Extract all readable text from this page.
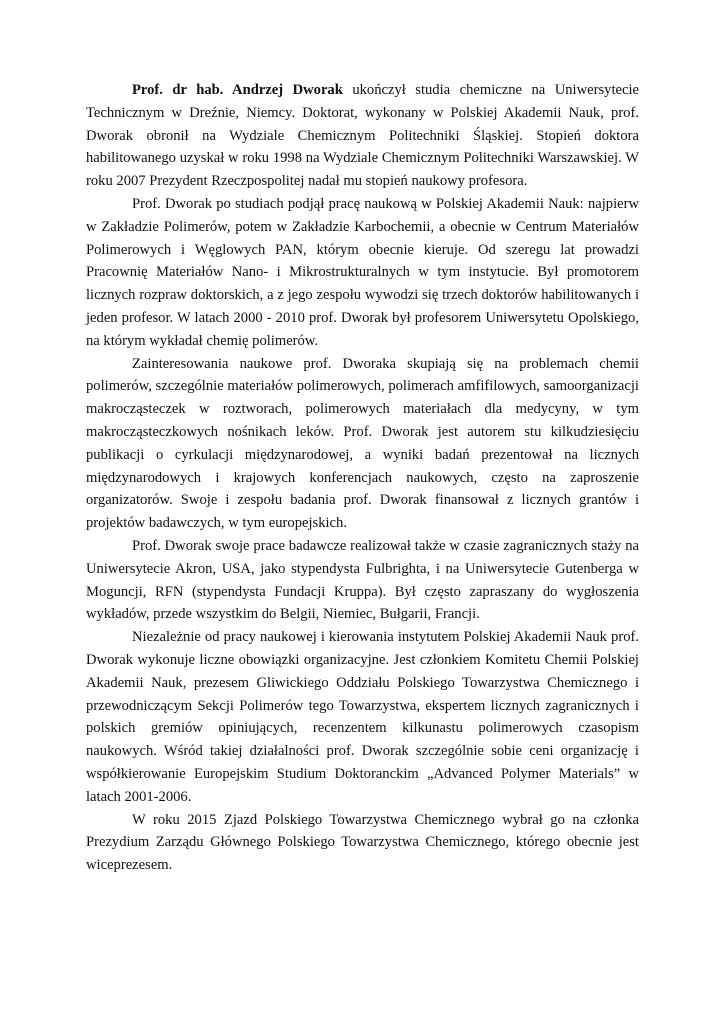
Prof. dr hab. Andrzej Dworak ukończył studia chemiczne na Uniwersytecie Technicznym w Dreźnie, Niemcy. Doktorat, wykonany w Polskiej Akademii Nauk, prof. Dworak obronił na Wydziale Chemicznym Politechniki Śląskiej. Stopień doktora habilitowanego uzyskał w roku 1998 na Wydziale Chemicznym Politechniki Warszawskiej. W roku 2007 Prezydent Rzeczpospolitej nadał mu stopień naukowy profesora.

Prof. Dworak po studiach podjął pracę naukową w Polskiej Akademii Nauk: najpierw w Zakładzie Polimerów, potem w Zakładzie Karbochemii, a obecnie w Centrum Materiałów Polimerowych i Węglowych PAN, którym obecnie kieruje. Od szeregu lat prowadzi Pracownię Materiałów Nano- i Mikrostrukturalnych w tym instytucie. Był promotorem licznych rozpraw doktorskich, a z jego zespołu wywodzi się trzech doktorów habilitowanych i jeden profesor. W latach 2000 - 2010 prof. Dworak był profesorem Uniwersytetu Opolskiego, na którym wykładał chemię polimerów.

Zainteresowania naukowe prof. Dworaka skupiają się na problemach chemii polimerów, szczególnie materiałów polimerowych, polimerach amfifilowych, samoorganizacji makrocząsteczek w roztworach, polimerowych materiałach dla medycyny, w tym makrocząsteczkowych nośnikach leków. Prof. Dworak jest autorem stu kilkudziesięciu publikacji o cyrkulacji międzynarodowej, a wyniki badań prezentował na licznych międzynarodowych i krajowych konferencjach naukowych, często na zaproszenie organizatorów. Swoje i zespołu badania prof. Dworak finansował z licznych grantów i projektów badawczych, w tym europejskich.

Prof. Dworak swoje prace badawcze realizował także w czasie zagranicznych staży na Uniwersytecie Akron, USA, jako stypendysta Fulbrighta, i na Uniwersytecie Gutenberga w Moguncji, RFN (stypendysta Fundacji Kruppa). Był często zapraszany do wygłoszenia wykładów, przede wszystkim do Belgii, Niemiec, Bułgarii, Francji.

Niezależnie od pracy naukowej i kierowania instytutem Polskiej Akademii Nauk prof. Dworak wykonuje liczne obowiązki organizacyjne. Jest członkiem Komitetu Chemii Polskiej Akademii Nauk, prezesem Gliwickiego Oddziału Polskiego Towarzystwa Chemicznego i przewodniczącym Sekcji Polimerów tego Towarzystwa, ekspertem licznych zagranicznych i polskich gremiów opiniujących, recenzentem kilkunastu polimerowych czasopism naukowych. Wśród takiej działalności prof. Dworak szczególnie sobie ceni organizację i współkierowanie Europejskim Studium Doktoranckim „Advanced Polymer Materials” w latach 2001-2006.

W roku 2015 Zjazd Polskiego Towarzystwa Chemicznego wybrał go na członka Prezydium Zarządu Głównego Polskiego Towarzystwa Chemicznego, którego obecnie jest wiceprezesem.
